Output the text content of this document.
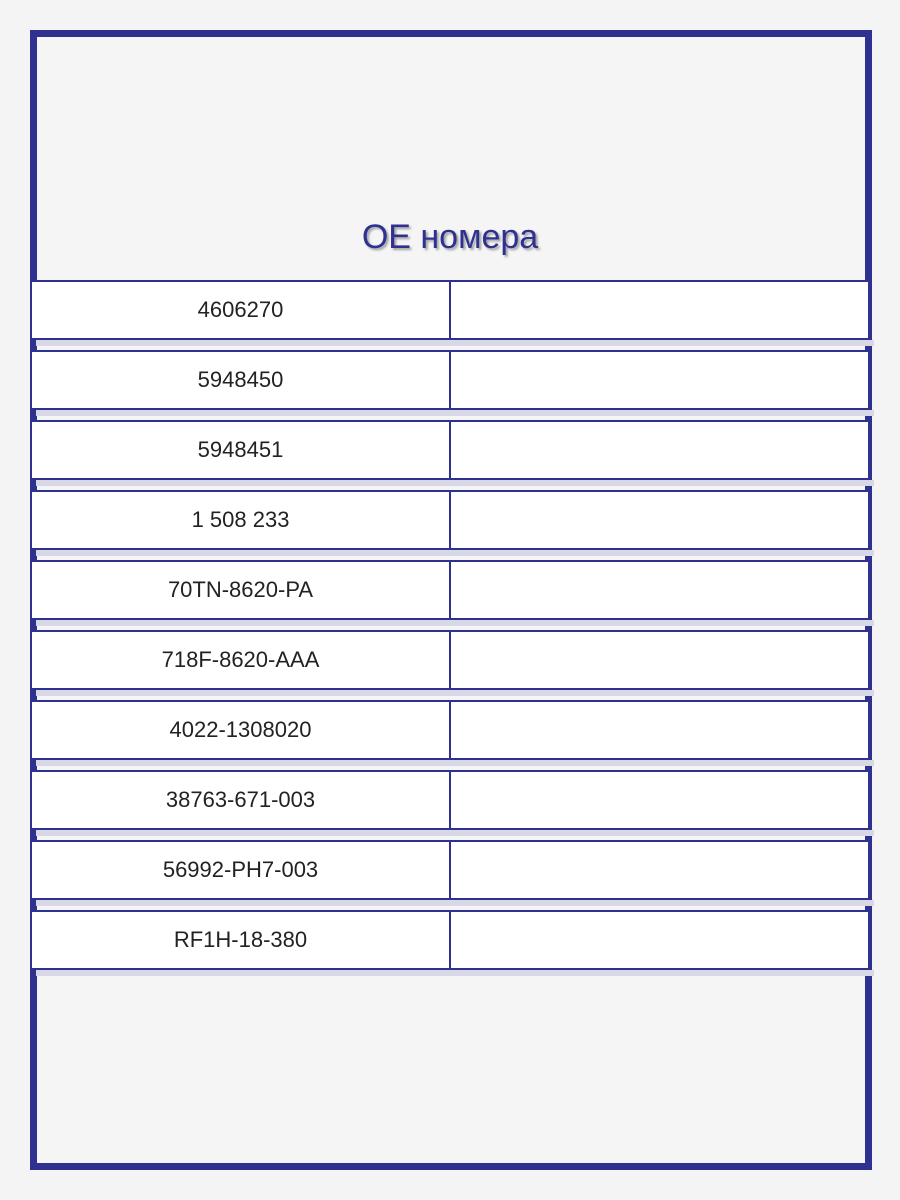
OE номера
4606270
5948450
5948451
1 508 233
70TN-8620-PA
718F-8620-AAA
4022-1308020
38763-671-003
56992-PH7-003
RF1H-18-380
